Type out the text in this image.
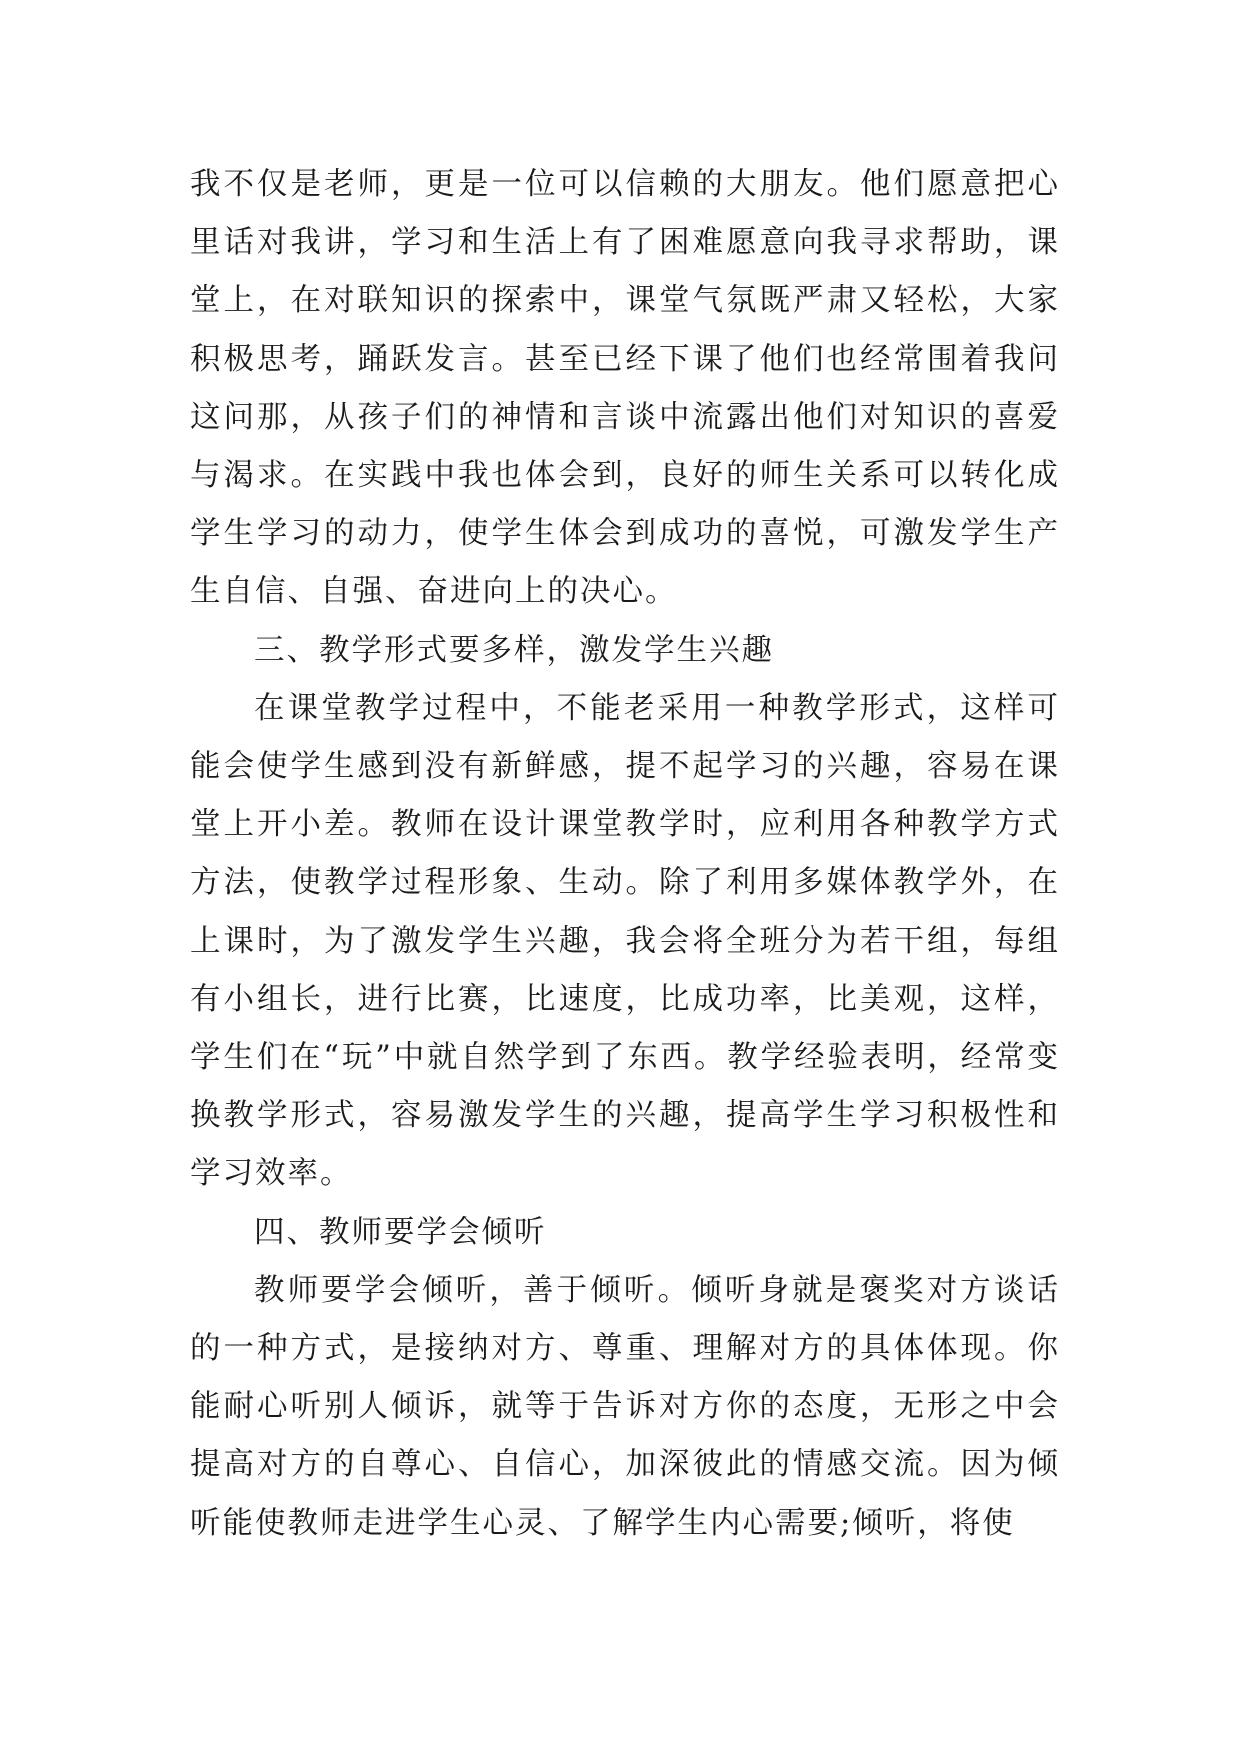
我不仅是老师，更是一位可以信赖的大朋友。他们愿意把心里话对我讲，学习和生活上有了困难愿意向我寻求帮助，课堂上，在对联知识的探索中，课堂气氛既严肃又轻松，大家积极思考，踊跃发言。甚至已经下课了他们也经常围着我问这问那，从孩子们的神情和言谈中流露出他们对知识的喜爱与渴求。在实践中我也体会到，良好的师生关系可以转化成学生学习的动力，使学生体会到成功的喜悦，可激发学生产生自信、自强、奋进向上的决心。

三、教学形式要多样，激发学生兴趣

在课堂教学过程中，不能老采用一种教学形式，这样可能会使学生感到没有新鲜感，提不起学习的兴趣，容易在课堂上开小差。教师在设计课堂教学时，应利用各种教学方式方法，使教学过程形象、生动。除了利用多媒体教学外，在上课时，为了激发学生兴趣，我会将全班分为若干组，每组有小组长，进行比赛，比速度，比成功率，比美观，这样，学生们在“玩”中就自然学到了东西。教学经验表明，经常变换教学形式，容易激发学生的兴趣，提高学生学习积极性和学习效率。

四、教师要学会倾听

教师要学会倾听，善于倾听。倾听身就是褒奖对方谈话的一种方式，是接纳对方、尊重、理解对方的具体体现。你能耐心听别人倾诉，就等于告诉对方你的态度，无形之中会提高对方的自尊心、自信心，加深彼此的情感交流。因为倾听能使教师走进学生心灵、了解学生内心需要;倾听，将使
